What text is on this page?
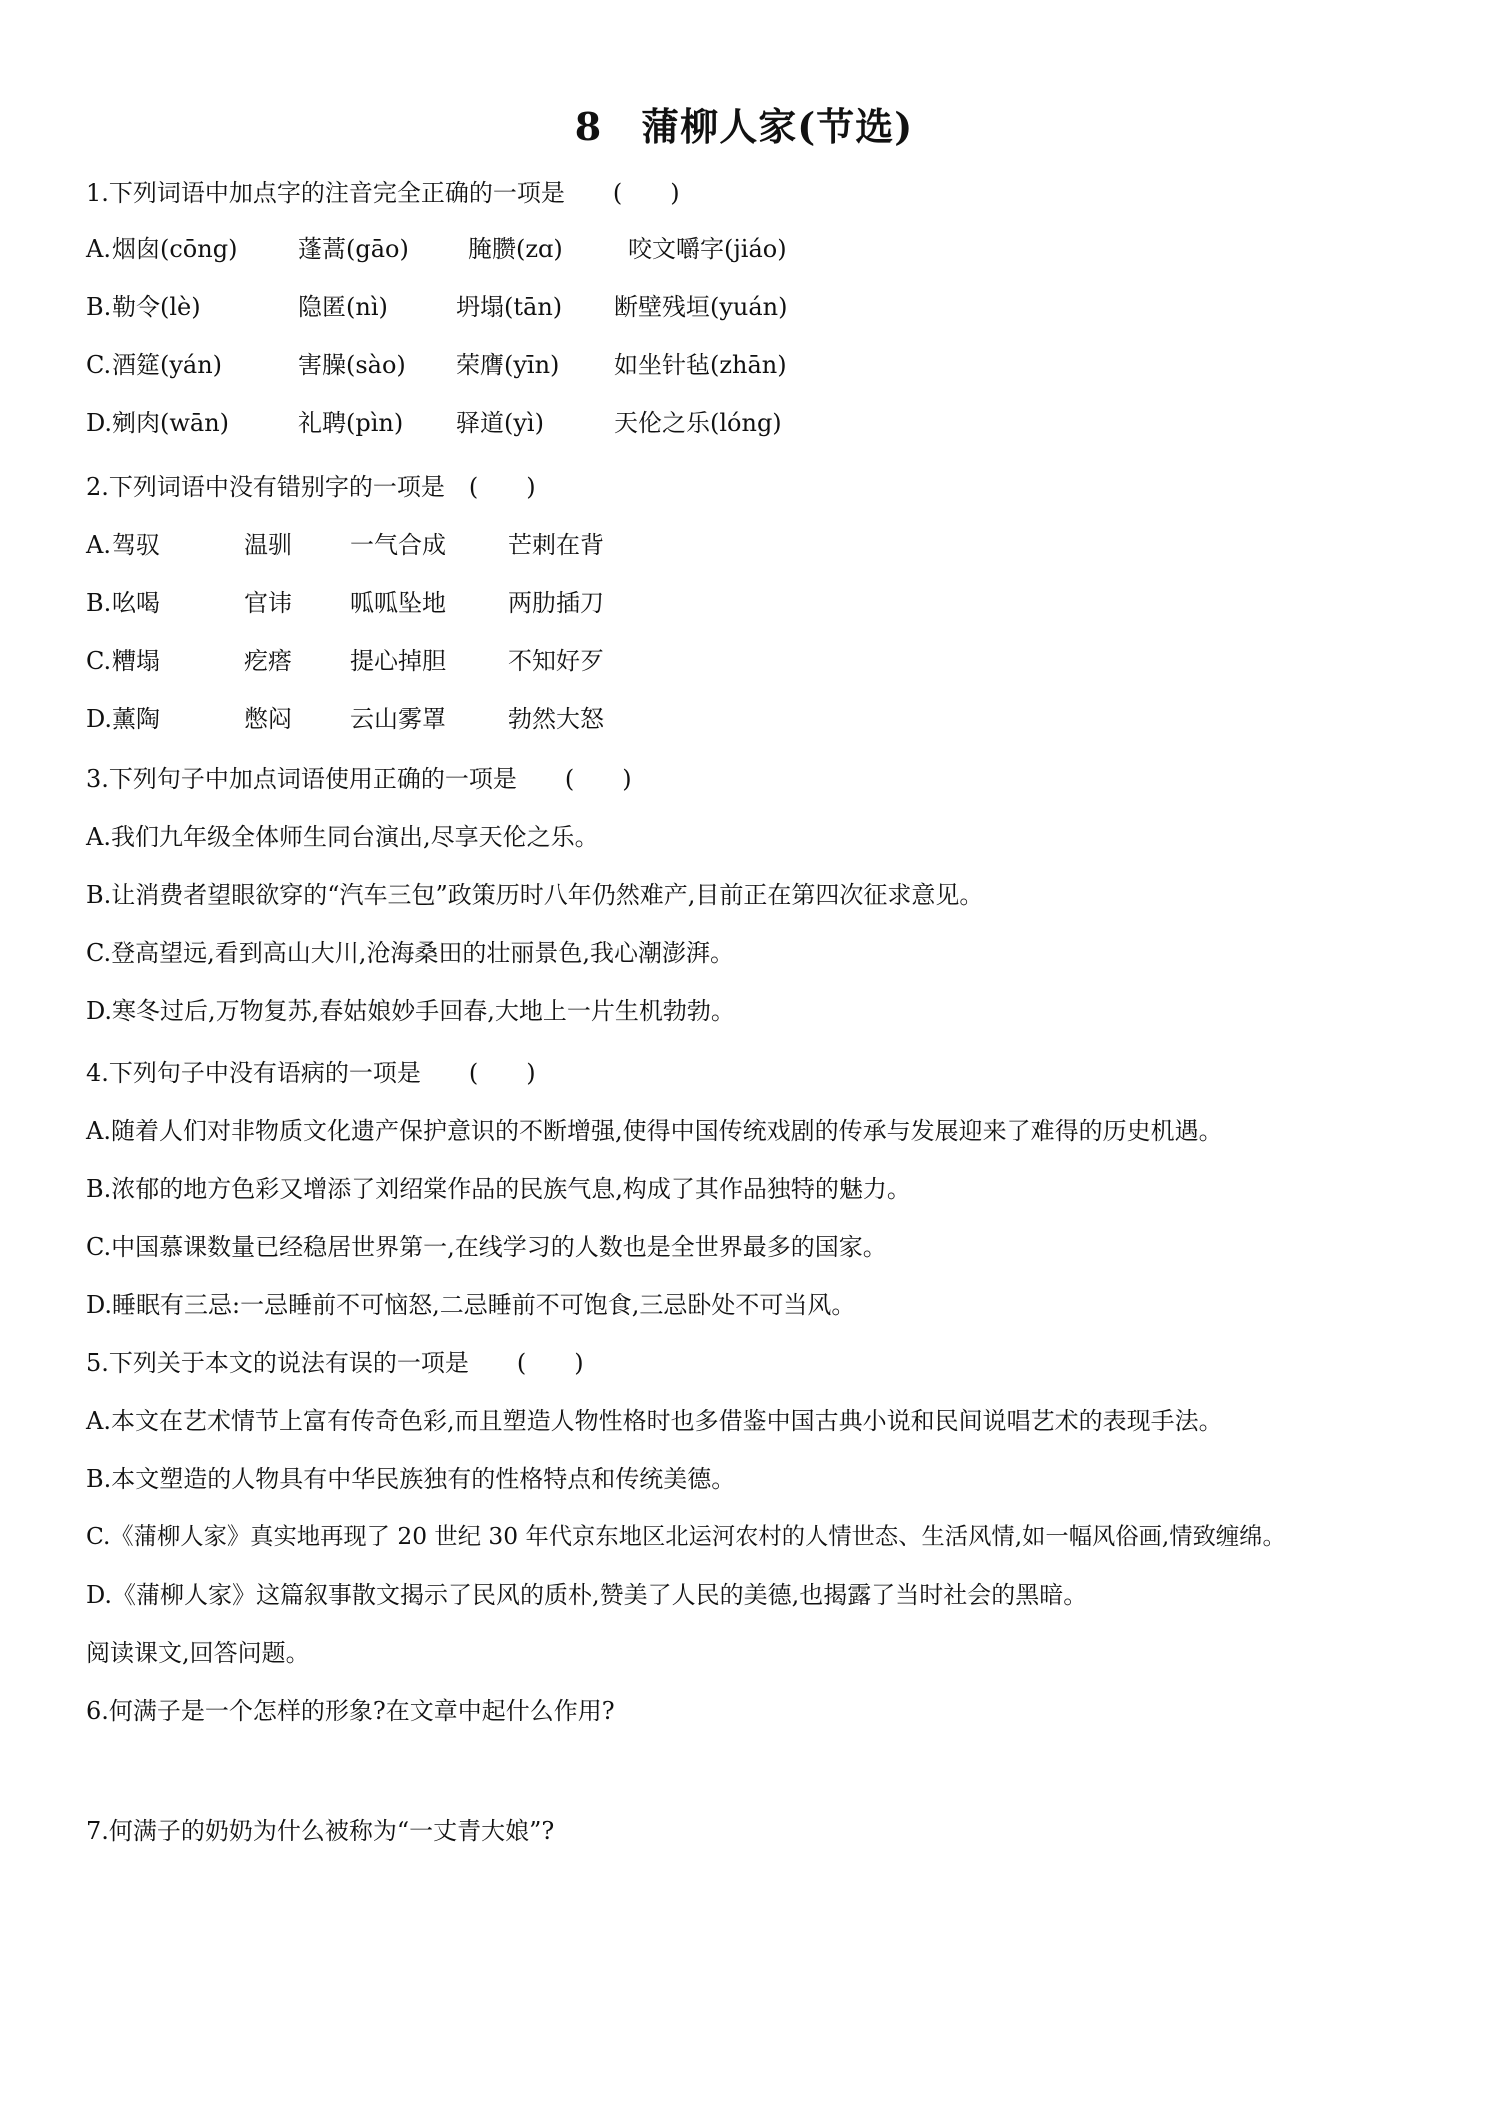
8　蒲柳人家(节选)
1.下列词语中加点字的注音完全正确的一项是　　(　　)
A. 烟囱(cōng)	蓬蒿(gāo) 腌臜(zɑ)	咬文嚼字(jiáo)
B. 勒令(lè)	隐匿(nì)	坍塌(tān) 断壁残垣(yuán)
C. 酒筵(yán)	害臊(sào) 荣膺(yīn) 如坐针毡(zhān)
D. 剜肉(wān)	礼聘(pìn) 驿道(yì)	天伦之乐(lóng)
2.下列词语中没有错别字的一项是　(　　)
A. 驾驭	温驯 一气合成	芒刺在背
B. 吆喝	官讳 呱呱坠地	两肋插刀
C. 糟塌	疙瘩 提心掉胆	不知好歹
D. 薰陶	憋闷 云山雾罩	勃然大怒
3.下列句子中加点词语使用正确的一项是　　(　　)
A.我们九年级全体师生同台演出,尽享天伦之乐。
B.让消费者望眼欲穿的“汽车三包”政策历时八年仍然难产,目前正在第四次征求意见。
C.登高望远,看到高山大川,沧海桑田的壮丽景色,我心潮澎湃。
D.寒冬过后,万物复苏,春姑娘妙手回春,大地上一片生机勃勃。
4.下列句子中没有语病的一项是　　(　　)
A.随着人们对非物质文化遗产保护意识的不断增强,使得中国传统戏剧的传承与发展迎来了难得的历史机遇。
B.浓郁的地方色彩又增添了刘绍棠作品的民族气息,构成了其作品独特的魅力。
C.中国慕课数量已经稳居世界第一,在线学习的人数也是全世界最多的国家。
D.睡眠有三忌:一忌睡前不可恼怒,二忌睡前不可饱食,三忌卧处不可当风。
5.下列关于本文的说法有误的一项是　　(　　)
A.本文在艺术情节上富有传奇色彩,而且塑造人物性格时也多借鉴中国古典小说和民间说唱艺术的表现手法。
B.本文塑造的人物具有中华民族独有的性格特点和传统美德。
C.《蒲柳人家》真实地再现了 20 世纪 30 年代京东地区北运河农村的人情世态、生活风情,如一幅风俗画,情致缠绵。
D.《蒲柳人家》这篇叙事散文揭示了民风的质朴,赞美了人民的美德,也揭露了当时社会的黑暗。
阅读课文,回答问题。
6.何满子是一个怎样的形象?在文章中起什么作用?
7.何满子的奶奶为什么被称为“一丈青大娘”?
